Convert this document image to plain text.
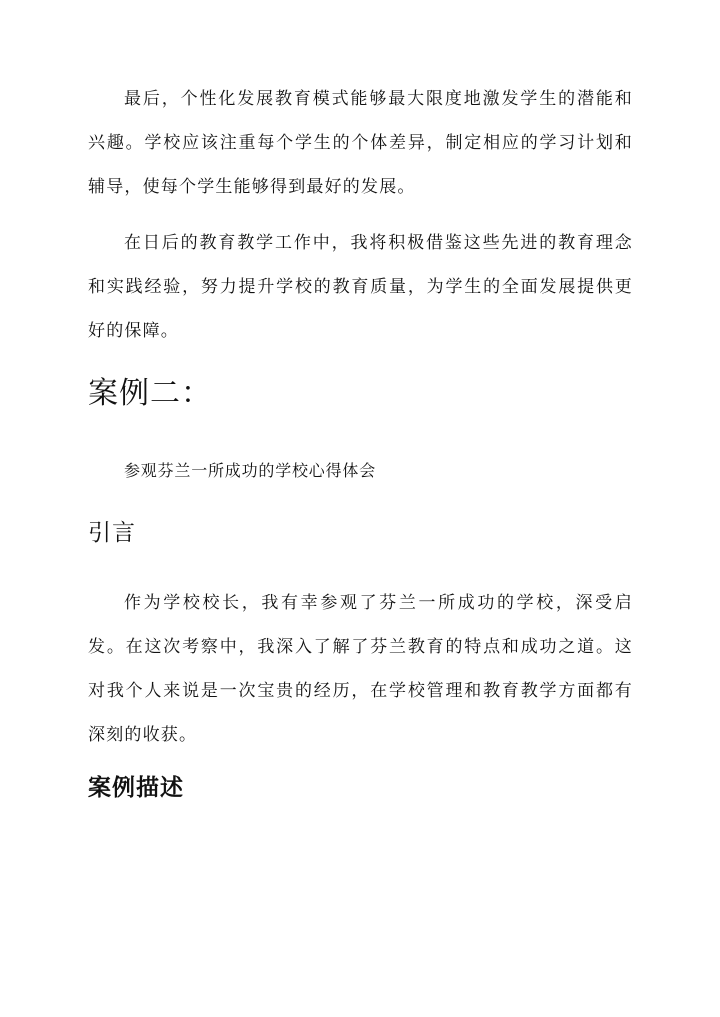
最后，个性化发展教育模式能够最大限度地激发学生的潜能和兴趣。学校应该注重每个学生的个体差异，制定相应的学习计划和辅导，使每个学生能够得到最好的发展。

在日后的教育教学工作中，我将积极借鉴这些先进的教育理念和实践经验，努力提升学校的教育质量，为学生的全面发展提供更好的保障。

案例二：

参观芬兰一所成功的学校心得体会

引言

作为学校校长，我有幸参观了芬兰一所成功的学校，深受启发。在这次考察中，我深入了解了芬兰教育的特点和成功之道。这对我个人来说是一次宝贵的经历，在学校管理和教育教学方面都有深刻的收获。

案例描述
